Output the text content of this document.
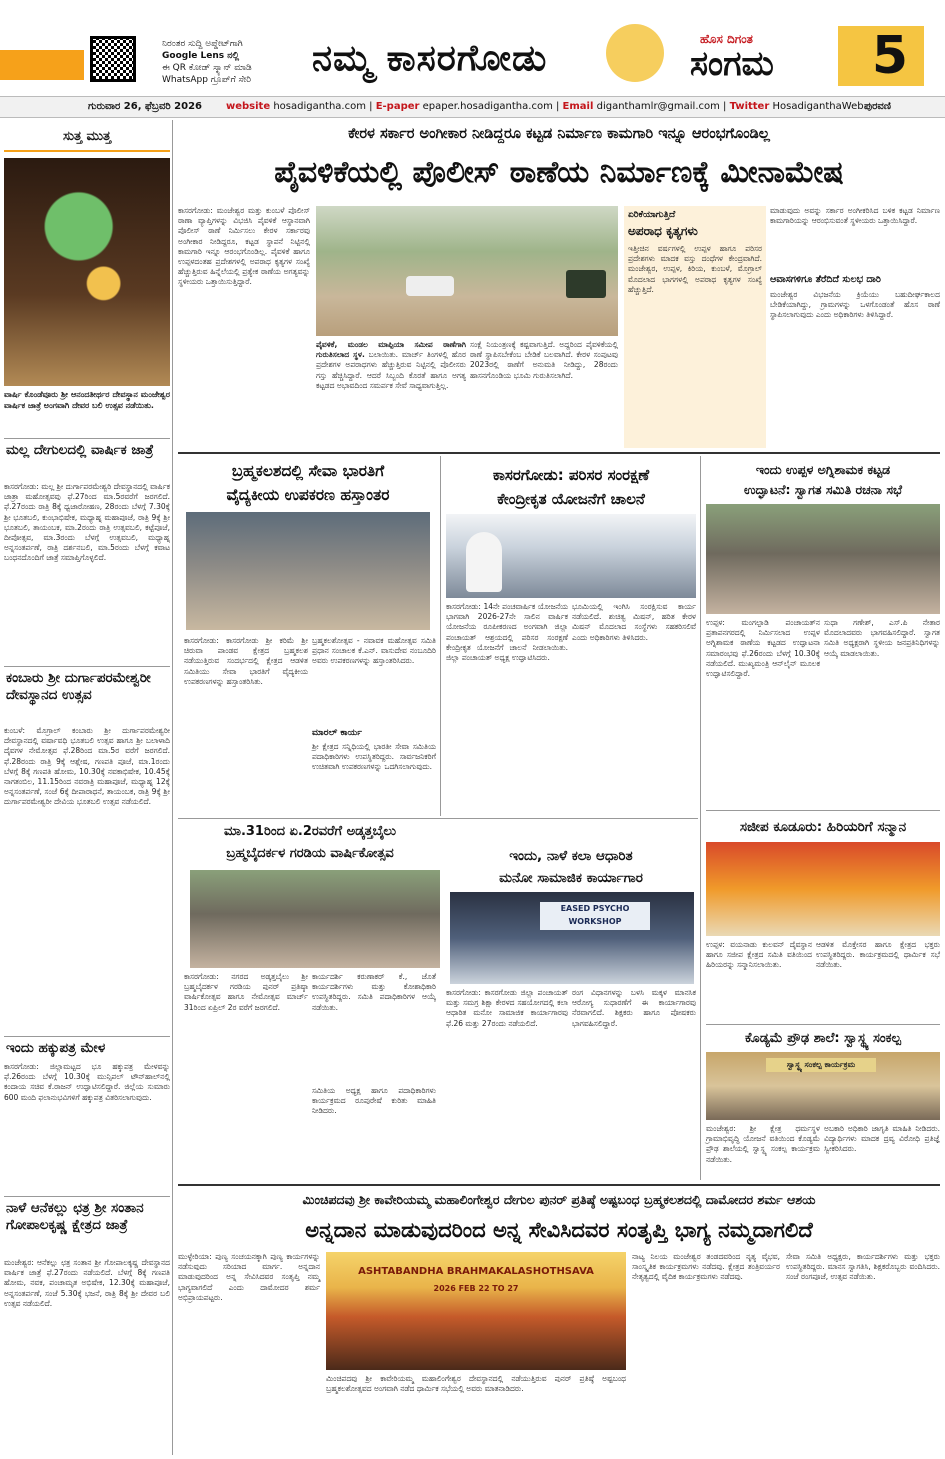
ನಿರಂತರ ಸುದ್ದಿ ಅಪ್ಡೇಟ್‌ಗಾಗಿ
Google Lens ನಲ್ಲಿ
ಈ QR ಕೋಡ್ ಸ್ಕ್ಯಾನ್ ಮಾಡಿ
WhatsApp ಗ್ರೂಪ್‌ಗೆ ಸೇರಿ
ನಮ್ಮ ಕಾಸರಗೋಡು	ಹೊಸ ದಿಗಂತ
ಸಂಗಮ	5
ಗುರುವಾರ 26, ಫೆಬ್ರವರಿ 2026	website hosadigantha.com | E-paper epaper.hosadigantha.com | Email diganthamlr@gmail.com | Twitter HosadiganthaWeb ಪುರವಣಿ
ಸುತ್ತ ಮುತ್ತ
ವಾರ್ಷಿ ಕೊಂಡೆವೂರು ಶ್ರೀ ಆನಂದತೀರ್ಥರ ದೇವಸ್ಥಾನ ಮಂಜೇಶ್ವರ ವಾರ್ಷಿಕ ಜಾತ್ರೆ ಅಂಗವಾಗಿ ದೇವರ ಬಲಿ ಉತ್ಸವ ನಡೆಯಿತು.
ಮಲ್ಲ ದೇಗುಲದಲ್ಲಿ ವಾರ್ಷಿಕ ಜಾತ್ರೆ
ಕಾಸರಗೋಡು: ಮಲ್ಲ ಶ್ರೀ ದುರ್ಗಾಪರಮೇಶ್ವರಿ ದೇವಸ್ಥಾನದಲ್ಲಿ ವಾರ್ಷಿಕ ಜಾತ್ರಾ ಮಹೋತ್ಸವವು ಫೆ.27ರಿಂದ ಮಾ.5ರವರೆಗೆ ಜರಗಲಿದೆ. ಫೆ.27ರಂದು ರಾತ್ರಿ 8ಕ್ಕೆ ಧ್ವಜಾರೋಹಣ, 28ರಂದು ಬೆಳಗ್ಗೆ 7.30ಕ್ಕೆ ಶ್ರೀ ಭೂತಬಲಿ, ಕುಂಭಾಭಿಷೇಕ, ಮಧ್ಯಾಹ್ನ ಮಹಾಪೂಜೆ, ರಾತ್ರಿ 9ಕ್ಕೆ ಶ್ರೀ ಭೂತಬಲಿ, ತಾಯಂಬಕ, ಮಾ.2ರಂದು ರಾತ್ರಿ ಉತ್ಸವಬಲಿ, ಕಟ್ಟೆಪೂಜೆ, ದೀಪೋತ್ಸವ, ಮಾ.3ರಂದು ಬೆಳಗ್ಗೆ ಉತ್ಸವಬಲಿ, ಮಧ್ಯಾಹ್ನ ಅನ್ನಸಂತರ್ಪಣೆ, ರಾತ್ರಿ ದರ್ಶನಬಲಿ, ಮಾ.5ರಂದು ಬೆಳಗ್ಗೆ ಕವಾಟ ಬಂಧನದೊಂದಿಗೆ ಜಾತ್ರೆ ಸಮಾಪ್ತಿಗೊಳ್ಳಲಿದೆ.
ಕಂಬಾರು ಶ್ರೀ ದುರ್ಗಾಪರಮೇಶ್ವರೀ ದೇವಸ್ಥಾನದ ಉತ್ಸವ
ಕುಂಬಳೆ: ಮೊಗ್ರಾಲ್ ಕಂಬಾರು ಶ್ರೀ ದುರ್ಗಾಪರಮೇಶ್ವರೀ ದೇವಸ್ಥಾನದಲ್ಲಿ ವರ್ಷಾವಧಿ ಭೂತಬಲಿ ಉತ್ಸವ ಹಾಗೂ ಶ್ರೀ ಬಲಾಳಾದಿ ದೈವಗಳ ನೇಮೋತ್ಸವ ಫೆ.28ರಿಂದ ಮಾ.5ರ ವರೆಗೆ ಜರಗಲಿದೆ. ಫೆ.28ರಂದು ರಾತ್ರಿ 9ಕ್ಕೆ ಆಶ್ಲೇಷ, ಗಣಪತಿ ಪೂಜೆ, ಮಾ.1ರಂದು ಬೆಳಗ್ಗೆ 8ಕ್ಕೆ ಗಣಪತಿ ಹೋಮ, 10.30ಕ್ಕೆ ನವಕಾಭಿಷೇಕ, 10.45ಕ್ಕೆ ನಾಗತಂಬಿಲ, 11.15ರಿಂದ ನವರಾತ್ರಿ ಮಹಾಪೂಜೆ, ಮಧ್ಯಾಹ್ನ 12ಕ್ಕೆ ಅನ್ನಸಂತರ್ಪಣೆ, ಸಂಜೆ 6ಕ್ಕೆ ದೀಪಾರಾಧನೆ, ತಾಯಂಬಕ, ರಾತ್ರಿ 9ಕ್ಕೆ ಶ್ರೀ ದುರ್ಗಾಪರಮೇಶ್ವರೀ ದೇವಿಯ ಭೂತಬಲಿ ಉತ್ಸವ ನಡೆಯಲಿದೆ.
ಇಂದು ಹಕ್ಕುಪತ್ರ ಮೇಳ
ಕಾಸರಗೋಡು: ಜಿಲ್ಲಾಮಟ್ಟದ ಭೂ ಹಕ್ಕುಪತ್ರ ಮೇಳವನ್ನು ಫೆ.26ರಂದು ಬೆಳಗ್ಗೆ 10.30ಕ್ಕೆ ಮುನ್ಸಿಪಲ್ ಟೌನ್‌ಹಾಲ್‌ನಲ್ಲಿ ಕಂದಾಯ ಸಚಿವ ಕೆ.ರಾಜನ್ ಉದ್ಘಾಟಿಸಲಿದ್ದಾರೆ. ಜಿಲ್ಲೆಯ ಸುಮಾರು 600 ಮಂದಿ ಫಲಾನುಭವಿಗಳಿಗೆ ಹಕ್ಕುಪತ್ರ ವಿತರಿಸಲಾಗುವುದು.
ನಾಳೆ ಆನೆಕಲ್ಲು ಛತ್ರ ಶ್ರೀ ಸಂತಾನ ಗೋಪಾಲಕೃಷ್ಣ ಕ್ಷೇತ್ರದ ಜಾತ್ರೆ
ಮಂಜೇಶ್ವರ: ಆನೆಕಲ್ಲು ಛತ್ರ ಸಂತಾನ ಶ್ರೀ ಗೋಪಾಲಕೃಷ್ಣ ದೇವಸ್ಥಾನದ ವಾರ್ಷಿಕ ಜಾತ್ರೆ ಫೆ.27ರಂದು ನಡೆಯಲಿದೆ. ಬೆಳಗ್ಗೆ 8ಕ್ಕೆ ಗಣಪತಿ ಹೋಮ, ನವಕ, ಪಂಚಾಮೃತ ಅಭಿಷೇಕ, 12.30ಕ್ಕೆ ಮಹಾಪೂಜೆ, ಅನ್ನಸಂತರ್ಪಣೆ, ಸಂಜೆ 5.30ಕ್ಕೆ ಭಜನೆ, ರಾತ್ರಿ 8ಕ್ಕೆ ಶ್ರೀ ದೇವರ ಬಲಿ ಉತ್ಸವ ನಡೆಯಲಿದೆ.
ಕೇರಳ ಸರ್ಕಾರ ಅಂಗೀಕಾರ ನೀಡಿದ್ದರೂ ಕಟ್ಟಡ ನಿರ್ಮಾಣ ಕಾಮಗಾರಿ ಇನ್ನೂ ಆರಂಭಗೊಂಡಿಲ್ಲ
ಪೈವಳಿಕೆಯಲ್ಲಿ ಪೊಲೀಸ್ ಠಾಣೆಯ ನಿರ್ಮಾಣಕ್ಕೆ ಮೀನಾಮೇಷ
ಕಾಸರಗೋಡು: ಮಂಜೇಶ್ವರ ಮತ್ತು ಕುಂಬಳೆ ಪೊಲೀಸ್ ಠಾಣಾ ವ್ಯಾಪ್ತಿಗಳನ್ನು ವಿಭಜಿಸಿ ಪೈವಳಿಕೆ ಆಸ್ಥಾನವಾಗಿ ಪೊಲೀಸ್ ಠಾಣೆ ನಿರ್ಮಿಸಲು ಕೇರಳ ಸರ್ಕಾರವು ಅಂಗೀಕಾರ ನೀಡಿದ್ದರೂ, ಕಟ್ಟಡ ಸ್ಥಾಪನೆ ನಿಟ್ಟಿನಲ್ಲಿ ಕಾಮಗಾರಿ ಇನ್ನೂ ಆರಂಭಗೊಂಡಿಲ್ಲ. ಪೈವಳಿಕೆ ಹಾಗೂ ಉಪ್ಪಳದಂತಹ ಪ್ರದೇಶಗಳಲ್ಲಿ ಅಪರಾಧ ಕೃತ್ಯಗಳ ಸಂಖ್ಯೆ ಹೆಚ್ಚುತ್ತಿರುವ ಹಿನ್ನೆಲೆಯಲ್ಲಿ ಪ್ರತ್ಯೇಕ ಠಾಣೆಯ ಅಗತ್ಯವನ್ನು ಸ್ಥಳೀಯರು ಒತ್ತಾಯಿಸುತ್ತಿದ್ದಾರೆ.
ಪೈವಳಿಕೆ, ಮಂಡಲ ಮಾಪ್ಪಿಯಾ ಸಮೀಪ ಠಾಣೆಗಾಗಿ ಗುರುತಿಸಲಾದ ಸ್ಥಳ. ಬಲಾಯಿತು. ಮಾರ್ಚ್ ತಿಂಗಳಲ್ಲಿ ಹೊರ ಪ್ರದೇಶಗಳ ಅಪರಾಧಗಳು ಹೆಚ್ಚುತ್ತಿರುವ ನಿಟ್ಟಿನಲ್ಲಿ ಪೊಲೀಸರು ಗಸ್ತು ಹೆಚ್ಚಿಸಿದ್ದಾರೆ. ಆದರೆ ಸಿಬ್ಬಂದಿ ಕೊರತೆ ಹಾಗೂ ಅಗತ್ಯ ಕಟ್ಟಡದ ಅಭಾವದಿಂದ ಸಮರ್ಪಕ ಸೇವೆ ಸಾಧ್ಯವಾಗುತ್ತಿಲ್ಲ.
ಸಂಕ್ಷೆ ನಿಯಂತ್ರಣಕ್ಕೆ ಕಷ್ಟವಾಗುತ್ತಿದೆ. ಅದ್ದರಿಂದ ಪೈವಳಿಕೆಯಲ್ಲಿ ಠಾಣೆ ಸ್ಥಾಪಿಸಬೇಕೆಂಬ ಬೇಡಿಕೆ ಬಲವಾಗಿದೆ. ಕೇರಳ ಸಂಪುಟವು 2023ರಲ್ಲಿ ಠಾಣೆಗೆ ಅನುಮತಿ ನೀಡಿದ್ದು, 28ರಂದು ಹಾಸನಗೊಂಡಿಯ ಭೂಮಿ ಗುರುತಿಸಲಾಗಿದೆ.
ಏರಿಕೆಯಾಗುತ್ತಿದೆ
ಅಪರಾಧ ಕೃತ್ಯಗಳು
ಇತ್ತೀಚಿನ ವರ್ಷಗಳಲ್ಲಿ ಉಪ್ಪಳ ಹಾಗೂ ಪರಿಸರ ಪ್ರದೇಶಗಳು ಮಾದಕ ವಸ್ತು ದಂಧೆಗಳ ಕೇಂದ್ರವಾಗಿದೆ. ಮಂಜೇಶ್ವರ, ಉಪ್ಪಳ, ಕಿರಿಯ, ಕುಂಬಳೆ, ಮೊಗ್ರಾಲ್ ಮೊದಲಾದ ಭಾಗಗಳಲ್ಲಿ ಅಪರಾಧ ಕೃತ್ಯಗಳ ಸಂಖ್ಯೆ ಹೆಚ್ಚುತ್ತಿದೆ.
ಮಾಡುವುದು ಅವನ್ನು ಸರ್ಕಾರ ಅಂಗೀಕರಿಸಿದ ಬಳಿಕ ಕಟ್ಟಡ ನಿರ್ಮಾಣ ಕಾಮಗಾರಿಯನ್ನು ಆರಂಭಿಸುವಂತೆ ಸ್ಥಳೀಯರು ಒತ್ತಾಯಿಸಿದ್ದಾರೆ.
ಆವಾಸಗಳಿಗೂ ತೆರೆದಿದೆ ಸುಲಭ ದಾರಿ
ಮಂಜೇಶ್ವರ ವಿಭಜನೆಯ ಕ್ರಿಯೆಯು ಬಹುದೀರ್ಘಕಾಲದ ಬೇಡಿಕೆಯಾಗಿದ್ದು, ಗ್ರಾಮಗಳನ್ನು ಒಳಗೊಂಡಂತೆ ಹೊಸ ಠಾಣೆ ಸ್ಥಾಪಿಸಲಾಗುವುದು ಎಂದು ಅಧಿಕಾರಿಗಳು ತಿಳಿಸಿದ್ದಾರೆ.
ಬ್ರಹ್ಮಕಲಶದಲ್ಲಿ ಸೇವಾ ಭಾರತಿಗೆ
ವೈದ್ಯಕೀಯ ಉಪಕರಣ ಹಸ್ತಾಂತರ
ಕಾಸರಗೋಡು: ಕಾಸರಗೋಡು ಶ್ರೀ ಕರಿಮೆ ಶ್ರೀ ಚಿರುವಾ ಪಾಂಡವ ಕ್ಷೇತ್ರದ ಬ್ರಹ್ಮಕಲಶ ನಡೆಯುತ್ತಿರುವ ಸಂದರ್ಭದಲ್ಲಿ ಕ್ಷೇತ್ರದ ಆಡಳಿತ ಸಮಿತಿಯು ಸೇವಾ ಭಾರತಿಗೆ ವೈದ್ಯಕೀಯ ಉಪಕರಣಗಳನ್ನು ಹಸ್ತಾಂತರಿಸಿತು.
ಬ್ರಹ್ಮಕಲಶೋತ್ಸವ - ನವಾವಕ ಮಹೋತ್ಸವ ಸಮಿತಿ ಪ್ರಧಾನ ಸಂಚಾಲಕ ಕೆ.ಎನ್. ವಾಸುದೇವ ನಂಬೂದಿರಿ ಅವರು ಉಪಕರಣಗಳನ್ನು ಹಸ್ತಾಂತರಿಸಿದರು.
ಮಾರಲ್ ಕಾರ್ಯ
ಶ್ರೀ ಕ್ಷೇತ್ರದ ಸನ್ನಿಧಿಯಲ್ಲಿ ಭಾರತೀ ಸೇವಾ ಸಮಿತಿಯ ಪದಾಧಿಕಾರಿಗಳು ಉಪಸ್ಥಿತರಿದ್ದರು. ಸಾರ್ವಜನಿಕರಿಗೆ ಉಚಿತವಾಗಿ ಉಪಕರಣಗಳನ್ನು ಒದಗಿಸಲಾಗುವುದು.
ಕಾಸರಗೋಡು: ಪರಿಸರ ಸಂರಕ್ಷಣೆ
ಕೇಂದ್ರೀಕೃತ ಯೋಜನೆಗೆ ಚಾಲನೆ
ಕಾಸರಗೋಡು: 14ನೇ ಪಂಚವಾರ್ಷಿಕ ಯೋಜನೆಯ ಭಾಗವಾಗಿ 2026-27ನೇ ಸಾಲಿನ ವಾರ್ಷಿಕ ಯೋಜನೆಯ ರೂಪೀಕರಣದ ಅಂಗವಾಗಿ ಜಿಲ್ಲಾ ಪಂಚಾಯತ್ ಆಶ್ರಯದಲ್ಲಿ ಪರಿಸರ ಸಂರಕ್ಷಣೆ ಕೇಂದ್ರೀಕೃತ ಯೋಜನೆಗೆ ಚಾಲನೆ ನೀಡಲಾಯಿತು. ಜಿಲ್ಲಾ ಪಂಚಾಯತ್ ಅಧ್ಯಕ್ಷ ಉದ್ಘಾಟಿಸಿದರು.
ಭೂಮಿಯಲ್ಲಿ ಇಂಗಿಸಿ ಸಂರಕ್ಷಿಸುವ ಕಾರ್ಯ ನಡೆಯಲಿದೆ. ಶುಚಿತ್ವ ಮಿಷನ್, ಹರಿತ ಕೇರಳ ಮಿಷನ್ ಮೊದಲಾದ ಸಂಸ್ಥೆಗಳು ಸಹಕರಿಸಲಿವೆ ಎಂದು ಅಧಿಕಾರಿಗಳು ತಿಳಿಸಿದರು.
ಇಂದು ಉಪ್ಪಳ ಅಗ್ನಿಶಾಮಕ ಕಟ್ಟಡ
ಉದ್ಘಾಟನೆ: ಸ್ವಾಗತ ಸಮಿತಿ ರಚನಾ ಸಭೆ
ಉಪ್ಪಳ: ಮಂಗಲ್ಪಾಡಿ ಪಂಚಾಯತ್‌ನ ಪ್ರತಾಪನಗರದಲ್ಲಿ ನಿರ್ಮಿಸಲಾದ ಉಪ್ಪಳ ಅಗ್ನಿಶಾಮಕ ಠಾಣೆಯ ಕಟ್ಟಡದ ಉದ್ಘಾಟನಾ ಸಮಾರಂಭವು ಫೆ.26ರಂದು ಬೆಳಗ್ಗೆ 10.30ಕ್ಕೆ ನಡೆಯಲಿದೆ. ಮುಖ್ಯಮಂತ್ರಿ ಆನ್‌ಲೈನ್ ಮೂಲಕ ಉದ್ಘಾಟಿಸಲಿದ್ದಾರೆ.
ಸುಧಾ ಗಣೇಶ್, ಎಸ್.ಪಿ ನೇತಾರ ಮೊದಲಾದವರು ಭಾಗವಹಿಸಲಿದ್ದಾರೆ. ಸ್ವಾಗತ ಸಮಿತಿ ಅಧ್ಯಕ್ಷರಾಗಿ ಸ್ಥಳೀಯ ಜನಪ್ರತಿನಿಧಿಗಳನ್ನು ಆಯ್ಕೆ ಮಾಡಲಾಯಿತು.
ಸಜೀಪ ಕೂಡೂರು: ಹಿರಿಯರಿಗೆ ಸನ್ಮಾನ
ಉಪ್ಪಳ: ವಯನಾಡು ಕುಲವನ್ ದೈವಸ್ಥಾನ ಹಾಗೂ ಸಜೀಪ ಕ್ಷೇತ್ರದ ಸಮಿತಿ ವತಿಯಿಂದ ಹಿರಿಯರನ್ನು ಸನ್ಮಾನಿಸಲಾಯಿತು.
ಆಡಳಿತ ಮೊಕ್ತೇಸರ ಹಾಗೂ ಕ್ಷೇತ್ರದ ಭಕ್ತರು ಉಪಸ್ಥಿತರಿದ್ದರು. ಕಾರ್ಯಕ್ರಮದಲ್ಲಿ ಧಾರ್ಮಿಕ ಸಭೆ ನಡೆಯಿತು.
ಕೊಡ್ಯಮೆ ಪ್ರೌಢ ಶಾಲೆ: ಸ್ವಾಸ್ಥ್ಯ ಸಂಕಲ್ಪ
ಸ್ವಾಸ್ಥ್ಯ ಸಂಕಲ್ಪ ಕಾರ್ಯಕ್ರಮ
ಮಂಜೇಶ್ವರ: ಶ್ರೀ ಕ್ಷೇತ್ರ ಧರ್ಮಸ್ಥಳ ಗ್ರಾಮಾಭಿವೃದ್ಧಿ ಯೋಜನೆ ವತಿಯಿಂದ ಕೊಡ್ಯಮೆ ಪ್ರೌಢ ಶಾಲೆಯಲ್ಲಿ ಸ್ವಾಸ್ಥ್ಯ ಸಂಕಲ್ಪ ಕಾರ್ಯಕ್ರಮ ನಡೆಯಿತು.
ಅಬಕಾರಿ ಅಧಿಕಾರಿ ಜಾಗೃತಿ ಮಾಹಿತಿ ನೀಡಿದರು. ವಿದ್ಯಾರ್ಥಿಗಳು ಮಾದಕ ದ್ರವ್ಯ ವಿರೋಧಿ ಪ್ರತಿಜ್ಞೆ ಸ್ವೀಕರಿಸಿದರು.
ಮಾ.31ರಿಂದ ಏ.2ರವರೆಗೆ ಅಡ್ಕತ್ತಬೈಲು
ಬ್ರಹ್ಮಬೈದರ್ಕಳ ಗರಡಿಯ ವಾರ್ಷಿಕೋತ್ಸವ
ಕಾಸರಗೋಡು: ನಗರದ ಅಡ್ಕತ್ತಬೈಲು ಶ್ರೀ ಬ್ರಹ್ಮಬೈದರ್ಕಳ ಗರಡಿಯ ಪುನರ್ ಪ್ರತಿಷ್ಠಾ ವಾರ್ಷಿಕೋತ್ಸವ ಹಾಗೂ ನೇಮೋತ್ಸವ ಮಾರ್ಚ್ 31ರಿಂದ ಏಪ್ರಿಲ್ 2ರ ವರೆಗೆ ಜರಗಲಿದೆ.
ಕಾರ್ಯದರ್ಶಿ ಕರುಣಾಕರ್ ಕೆ., ಜೊತೆ ಕಾರ್ಯದರ್ಶಿಗಳು ಮತ್ತು ಕೋಶಾಧಿಕಾರಿ ಉಪಸ್ಥಿತರಿದ್ದರು. ಸಮಿತಿ ಪದಾಧಿಕಾರಿಗಳ ಆಯ್ಕೆ ನಡೆಯಿತು.
ಸಮಿತಿಯ ಅಧ್ಯಕ್ಷ ಹಾಗೂ ಪದಾಧಿಕಾರಿಗಳು ಕಾರ್ಯಕ್ರಮದ ರೂಪುರೇಷೆ ಕುರಿತು ಮಾಹಿತಿ ನೀಡಿದರು.
ಇಂದು, ನಾಳೆ ಕಲಾ ಆಧಾರಿತ
ಮನೋ ಸಾಮಾಜಿಕ ಕಾರ್ಯಾಗಾರ
EASED PSYCHO WORKSHOP
ಕಾಸರಗೋಡು: ಕಾಸರಗೋಡು ಜಿಲ್ಲಾ ಪಂಚಾಯತ್ ಮತ್ತು ಸಮಗ್ರ ಶಿಕ್ಷಾ ಕೇರಳದ ಸಹಯೋಗದಲ್ಲಿ ಕಲಾ ಆಧಾರಿತ ಮನೋ ಸಾಮಾಜಿಕ ಕಾರ್ಯಾಗಾರವು ಫೆ.26 ಮತ್ತು 27ರಂದು ನಡೆಯಲಿದೆ.
ರಂಗ ವಿಧಾನಗಳನ್ನು ಬಳಸಿ ಮಕ್ಕಳ ಮಾನಸಿಕ ಆರೋಗ್ಯ ಸುಧಾರಣೆಗೆ ಈ ಕಾರ್ಯಾಗಾರವು ನೆರವಾಗಲಿದೆ. ಶಿಕ್ಷಕರು ಹಾಗೂ ಪೋಷಕರು ಭಾಗವಹಿಸಲಿದ್ದಾರೆ.
ಮಿಂಚಿಪದವು ಶ್ರೀ ಕಾವೇರಿಯಮ್ಮ ಮಹಾಲಿಂಗೇಶ್ವರ ದೇಗುಲ ಪುನರ್ ಪ್ರತಿಷ್ಠೆ ಅಷ್ಟಬಂಧ ಬ್ರಹ್ಮಕಲಶದಲ್ಲಿ ದಾಮೋದರ ಶರ್ಮ ಆಶಯ
ಅನ್ನದಾನ ಮಾಡುವುದರಿಂದ ಅನ್ನ ಸೇವಿಸಿದವರ ಸಂತೃಪ್ತಿ ಭಾಗ್ಯ ನಮ್ಮದಾಗಲಿದೆ
ಮುಳ್ಳೇರಿಯಾ: ಪುಣ್ಯ ಸಂಚಯನಕ್ಕಾಗಿ ಪುಣ್ಯ ಕಾರ್ಯಗಳನ್ನು ನಡೆಸುವುದು ಸರಿಯಾದ ಮಾರ್ಗ. ಅನ್ನದಾನ ಮಾಡುವುದರಿಂದ ಅನ್ನ ಸೇವಿಸಿದವರ ಸಂತೃಪ್ತಿ ನಮ್ಮ ಭಾಗ್ಯವಾಗಲಿದೆ ಎಂದು ದಾಮೋದರ ಶರ್ಮ ಅಭಿಪ್ರಾಯಪಟ್ಟರು.
ASHTABANDHA BRAHMAKALASHOTHSAVA
2026 FEB 22 TO 27
ಮಿಂಚಿಪದವು ಶ್ರೀ ಕಾವೇರಿಯಮ್ಮ ಮಹಾಲಿಂಗೇಶ್ವರ ದೇವಸ್ಥಾನದಲ್ಲಿ ನಡೆಯುತ್ತಿರುವ ಪುನರ್ ಪ್ರತಿಷ್ಠೆ ಅಷ್ಟಬಂಧ ಬ್ರಹ್ಮಕಲಶೋತ್ಸವದ ಅಂಗವಾಗಿ ನಡೆದ ಧಾರ್ಮಿಕ ಸಭೆಯಲ್ಲಿ ಅವರು ಮಾತನಾಡಿದರು.
ನಾಟ್ಯ ನಿಲಯ ಮಂಜೇಶ್ವರ ತಂಡದವರಿಂದ ನೃತ್ಯ ವೈಭವ, ಸಾಂಸ್ಕೃತಿಕ ಕಾರ್ಯಕ್ರಮಗಳು ನಡೆದವು. ಕ್ಷೇತ್ರದ ತಂತ್ರಿವರ್ಯರ ನೇತೃತ್ವದಲ್ಲಿ ವೈದಿಕ ಕಾರ್ಯಕ್ರಮಗಳು ನಡೆದವು.
ಸೇವಾ ಸಮಿತಿ ಅಧ್ಯಕ್ಷರು, ಕಾರ್ಯದರ್ಶಿಗಳು ಮತ್ತು ಭಕ್ತರು ಉಪಸ್ಥಿತರಿದ್ದರು. ಮಾನಸ ಸ್ವಾಗತಿಸಿ, ಶಿಕ್ಷಕರೊಬ್ಬರು ವಂದಿಸಿದರು. ಸಂಜೆ ರಂಗಪೂಜೆ, ಉತ್ಸವ ನಡೆಯಿತು.
